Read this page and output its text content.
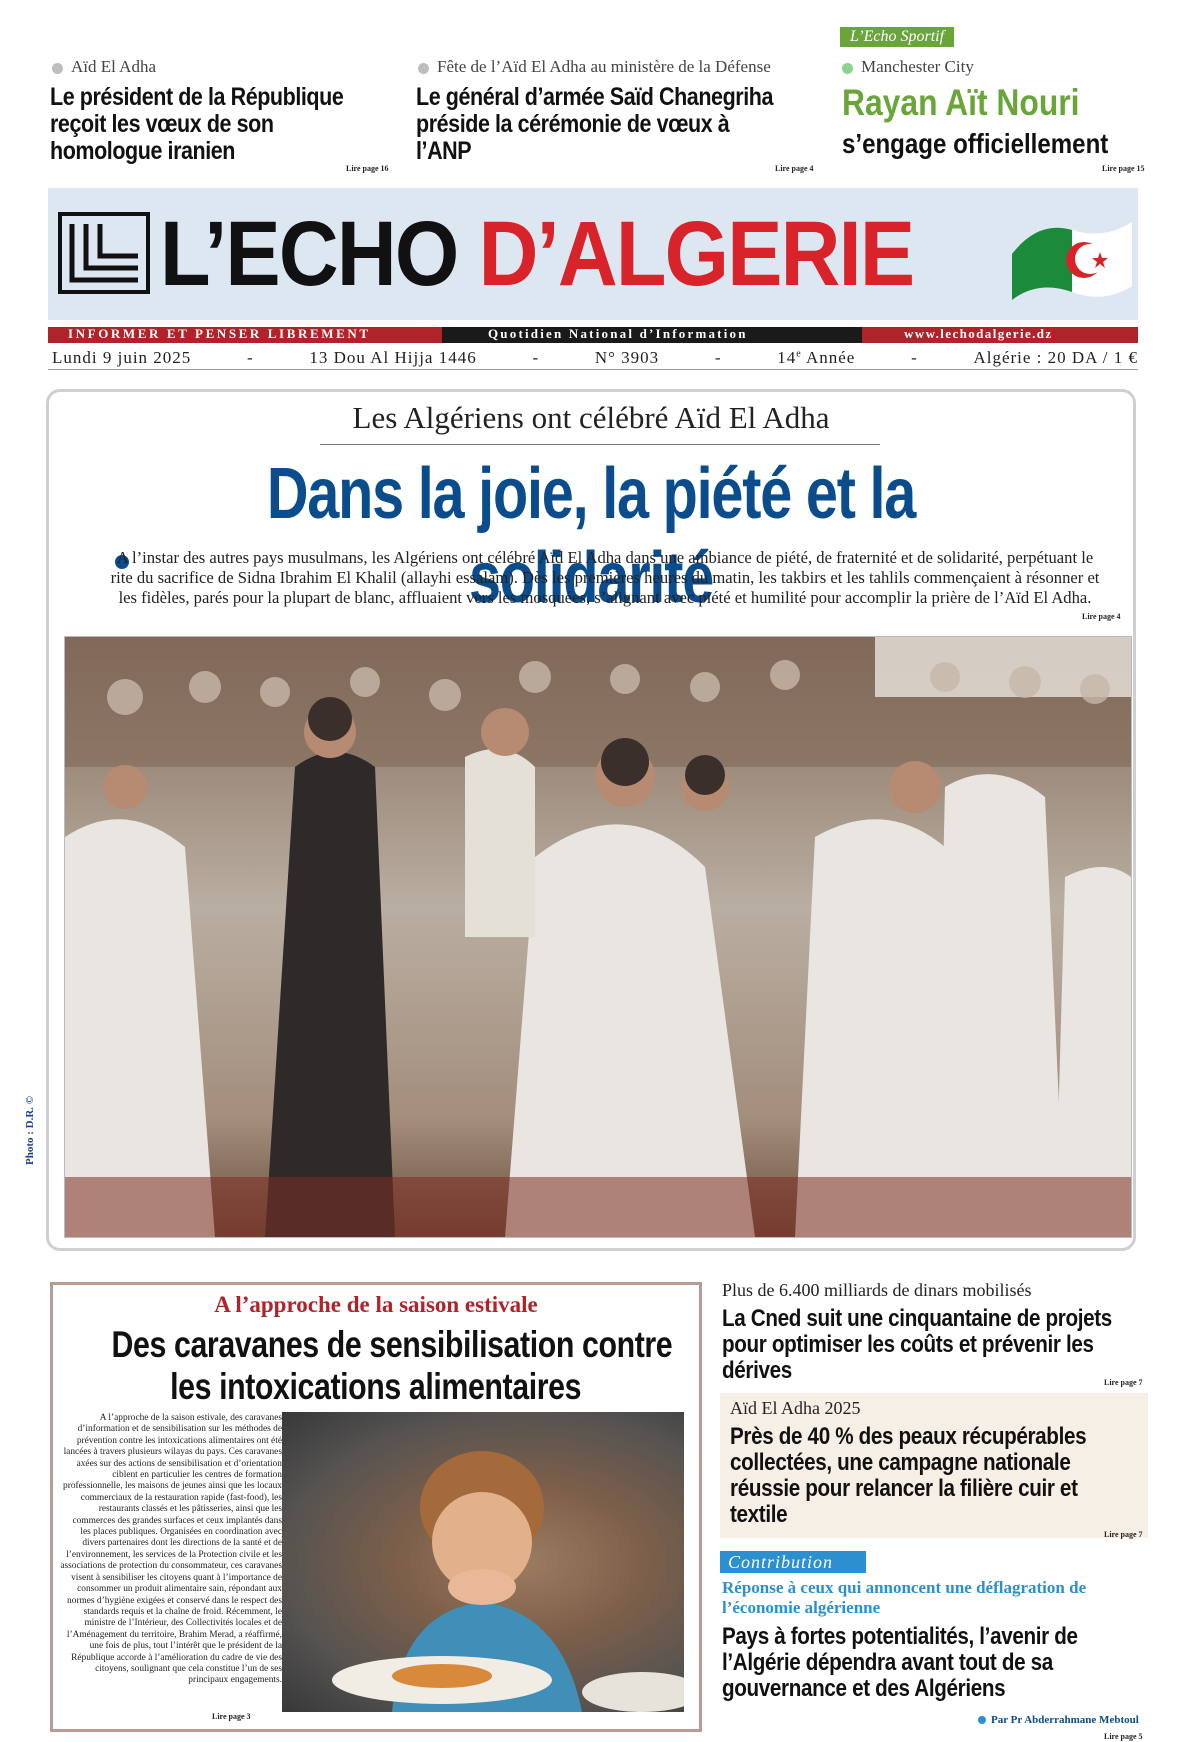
Aïd El Adha
Le président de la République reçoit les vœux de son homologue iranien
Lire page 16
Fête de l’Aïd El Adha au ministère de la Défense
Le général d’armée Saïd Chanegriha préside la cérémonie de vœux à l’ANP
Lire page 4
L’Echo Sportif
Manchester City
Rayan Aït Nouri
s’engage officiellement
Lire page 15
L’ECHO D’ALGERIE
INFORMER ET PENSER LIBREMENT	Quotidien National d’Information	www.lechodalgerie.dz
Lundi 9 juin 2025	-	13 Dou Al Hijja 1446	-	N° 3903	-	14e Année	-	Algérie : 20 DA / 1 €
Les Algériens ont célébré Aïd El Adha
Dans la joie, la piété et la solidarité
A l’instar des autres pays musulmans, les Algériens ont célébré Aïd El Adha dans une ambiance de piété, de fraternité et de solidarité, perpétuant le rite du sacrifice de Sidna Ibrahim El Khalil (allayhi essalam). Dès les premières heures du matin, les takbirs et les tahlils commençaient à résonner et les fidèles, parés pour la plupart de blanc, affluaient vers les mosquées, s’alignant avec piété et humilité pour accomplir la prière de l’Aïd El Adha.
Lire page 4
Photo : D.R. ©
A l’approche de la saison estivale
Des caravanes de sensibilisation contre
les intoxications alimentaires
A l’approche de la saison estivale, des caravanes d’information et de sensibilisation sur les méthodes de prévention contre les intoxications alimentaires ont été lancées à travers plusieurs wilayas du pays. Ces caravanes axées sur des actions de sensibilisation et d’orientation ciblent en particulier les centres de formation professionnelle, les maisons de jeunes ainsi que les locaux commerciaux de la restauration rapide (fast-food), les restaurants classés et les pâtisseries, ainsi que les commerces des grandes surfaces et ceux implantés dans les places publiques. Organisées en coordination avec divers partenaires dont les directions de la santé et de l’environnement, les services de la Protection civile et les associations de protection du consommateur, ces caravanes visent à sensibiliser les citoyens quant à l’importance de consommer un produit alimentaire sain, répondant aux normes d’hygiène exigées et conservé dans le respect des standards requis et la chaîne de froid. Récemment, le ministre de l’Intérieur, des Collectivités locales et de l’Aménagement du territoire, Brahim Merad, a réaffirmé, une fois de plus, tout l’intérêt que le président de la République accorde à l’amélioration du cadre de vie des citoyens, soulignant que cela constitue l’un de ses principaux engagements.
Lire page 3
Plus de 6.400 milliards de dinars mobilisés
La Cned suit une cinquantaine de projets pour optimiser les coûts et prévenir les dérives	Lire page 7
Aïd El Adha 2025
Près de 40 % des peaux récupérables collectées, une campagne nationale réussie pour relancer la filière cuir et textile
Lire page 7
Contribution
Réponse à ceux qui annoncent une déflagration de l’économie algérienne
Pays à fortes potentialités, l’avenir de l’Algérie dépendra avant tout de sa gouvernance et des Algériens
Par Pr Abderrahmane Mebtoul
Lire page 5
